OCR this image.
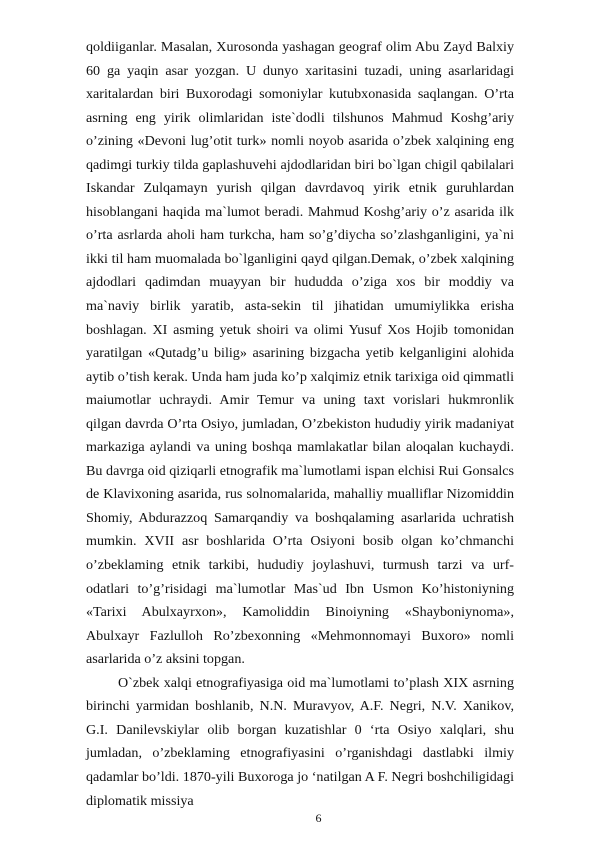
qoldiiganlar. Masalan, Xurosonda yashagan geograf olim Abu Zayd Balxiy 60 ga yaqin asar yozgan. U dunyo xaritasini tuzadi, uning asarlaridagi xaritalardan biri Buxorodagi somoniylar kutubxonasida saqlangan. O’rta asrning eng yirik olimlaridan iste`dodli tilshunos Mahmud Koshg’ariy o’zining «Devoni lug’otit turk» nomli noyob asarida o’zbek xalqining eng qadimgi turkiy tilda gaplashuvehi ajdodlaridan biri bo`lgan chigil qabilalari Iskandar Zulqamayn yurish qilgan davrdavoq yirik etnik guruhlardan hisoblangani haqida ma`lumot beradi. Mahmud Koshg’ariy o’z asarida ilk o’rta asrlarda aholi ham turkcha, ham so’g’diycha so’zlashganligini, ya`ni ikki til ham muomalada bo`lganligini qayd qilgan.Demak, o’zbek xalqining ajdodlari qadimdan muayyan bir hududda o’ziga xos bir moddiy va ma`naviy birlik yaratib, asta-sekin til jihatidan umumiylikka erisha boshlagan. XI asming yetuk shoiri va olimi Yusuf Xos Hojib tomonidan yaratilgan «Qutadg’u bilig» asarining bizgacha yetib kelganligini alohida aytib o’tish kerak. Unda ham juda ko’p xalqimiz etnik tarixiga oid qimmatli maiumotlar uchraydi. Amir Temur va uning taxt vorislari hukmronlik qilgan davrda O’rta Osiyo, jumladan, O’zbekiston hududiy yirik madaniyat markaziga aylandi va uning boshqa mamlakatlar bilan aloqalan kuchaydi. Bu davrga oid qiziqarli etnografik ma`lumotlami ispan elchisi Rui Gonsalcs de Klavixoning asarida, rus solnomalarida, mahalliy mualliflar Nizomiddin Shomiy, Abdurazzoq Samarqandiy va boshqalaming asarlarida uchratish mumkin. XVII asr boshlarida O’rta Osiyoni bosib olgan ko’chmanchi o’zbeklaming etnik tarkibi, hududiy joylashuvi, turmush tarzi va urf-odatlari to’g’risidagi ma`lumotlar Mas`ud Ibn Usmon Ko’histoniyning «Tarixi Abulxayrxon», Kamoliddin Binoiyning «Shayboniynoma», Abulxayr Fazlulloh Ro’zbexonning «Mehmonnomayi Buxoro» nomli asarlarida o’z aksini topgan.

O`zbek xalqi etnografiyasiga oid ma`lumotlami to’plash XIX asrning birinchi yarmidan boshlanib, N.N. Muravyov, A.F. Negri, N.V. Xanikov, G.I. Danilevskiylar olib borgan kuzatishlar 0 ‘rta Osiyo xalqlari, shu jumladan, o’zbeklaming etnografiyasini o’rganishdagi dastlabki ilmiy qadamlar bo’ldi. 1870-yili Buxoroga jo ‘natilgan A F. Negri boshchiligidagi diplomatik missiya

6
